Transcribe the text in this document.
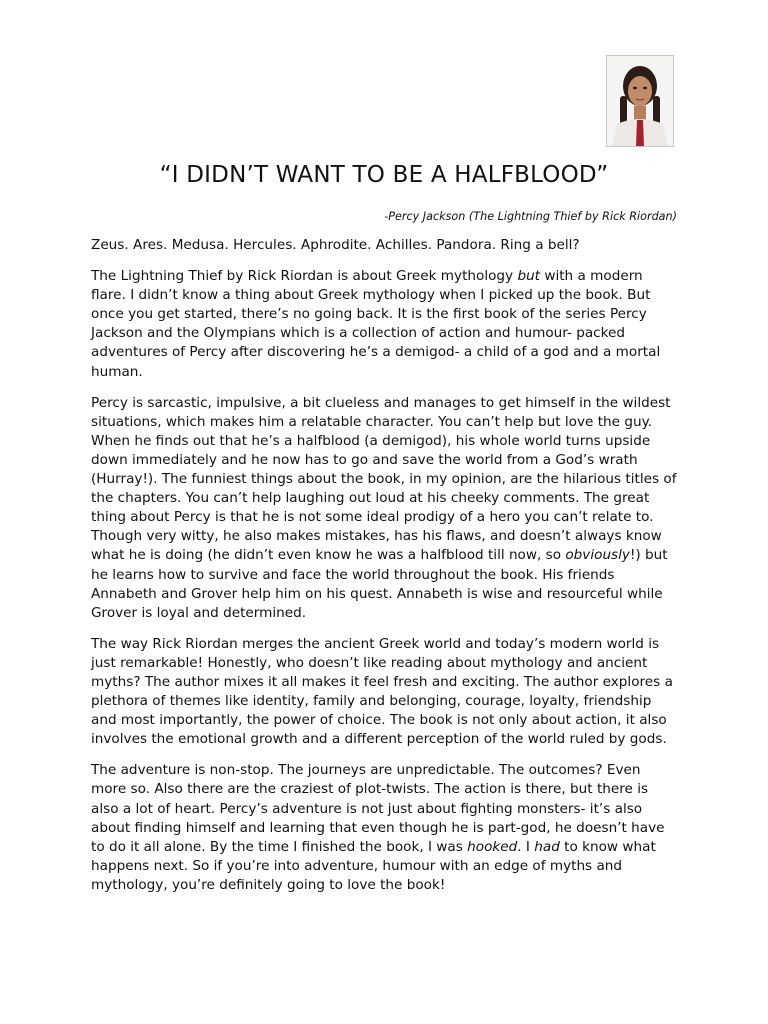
“I DIDN’T WANT TO BE A HALFBLOOD”

-Percy Jackson (The Lightning Thief by Rick Riordan)

Zeus. Ares. Medusa. Hercules. Aphrodite. Achilles. Pandora. Ring a bell?

The Lightning Thief by Rick Riordan is about Greek mythology but with a modern flare. I didn’t know a thing about Greek mythology when I picked up the book. But once you get started, there’s no going back. It is the first book of the series Percy Jackson and the Olympians which is a collection of action and humour- packed adventures of Percy after discovering he’s a demigod- a child of a god and a mortal human.

Percy is sarcastic, impulsive, a bit clueless and manages to get himself in the wildest situations, which makes him a relatable character. You can’t help but love the guy. When he finds out that he’s a halfblood (a demigod), his whole world turns upside down immediately and he now has to go and save the world from a God’s wrath (Hurray!). The funniest things about the book, in my opinion, are the hilarious titles of the chapters. You can’t help laughing out loud at his cheeky comments. The great thing about Percy is that he is not some ideal prodigy of a hero you can’t relate to. Though very witty, he also makes mistakes, has his flaws, and doesn’t always know what he is doing (he didn’t even know he was a halfblood till now, so obviously!) but he learns how to survive and face the world throughout the book. His friends Annabeth and Grover help him on his quest. Annabeth is wise and resourceful while Grover is loyal and determined.

The way Rick Riordan merges the ancient Greek world and today’s modern world is just remarkable! Honestly, who doesn’t like reading about mythology and ancient myths? The author mixes it all makes it feel fresh and exciting. The author explores a plethora of themes like identity, family and belonging, courage, loyalty, friendship and most importantly, the power of choice. The book is not only about action, it also involves the emotional growth and a different perception of the world ruled by gods.

The adventure is non-stop. The journeys are unpredictable. The outcomes? Even more so. Also there are the craziest of plot-twists. The action is there, but there is also a lot of heart. Percy’s adventure is not just about fighting monsters- it’s also about finding himself and learning that even though he is part-god, he doesn’t have to do it all alone. By the time I finished the book, I was hooked. I had to know what happens next. So if you’re into adventure, humour with an edge of myths and mythology, you’re definitely going to love the book!
